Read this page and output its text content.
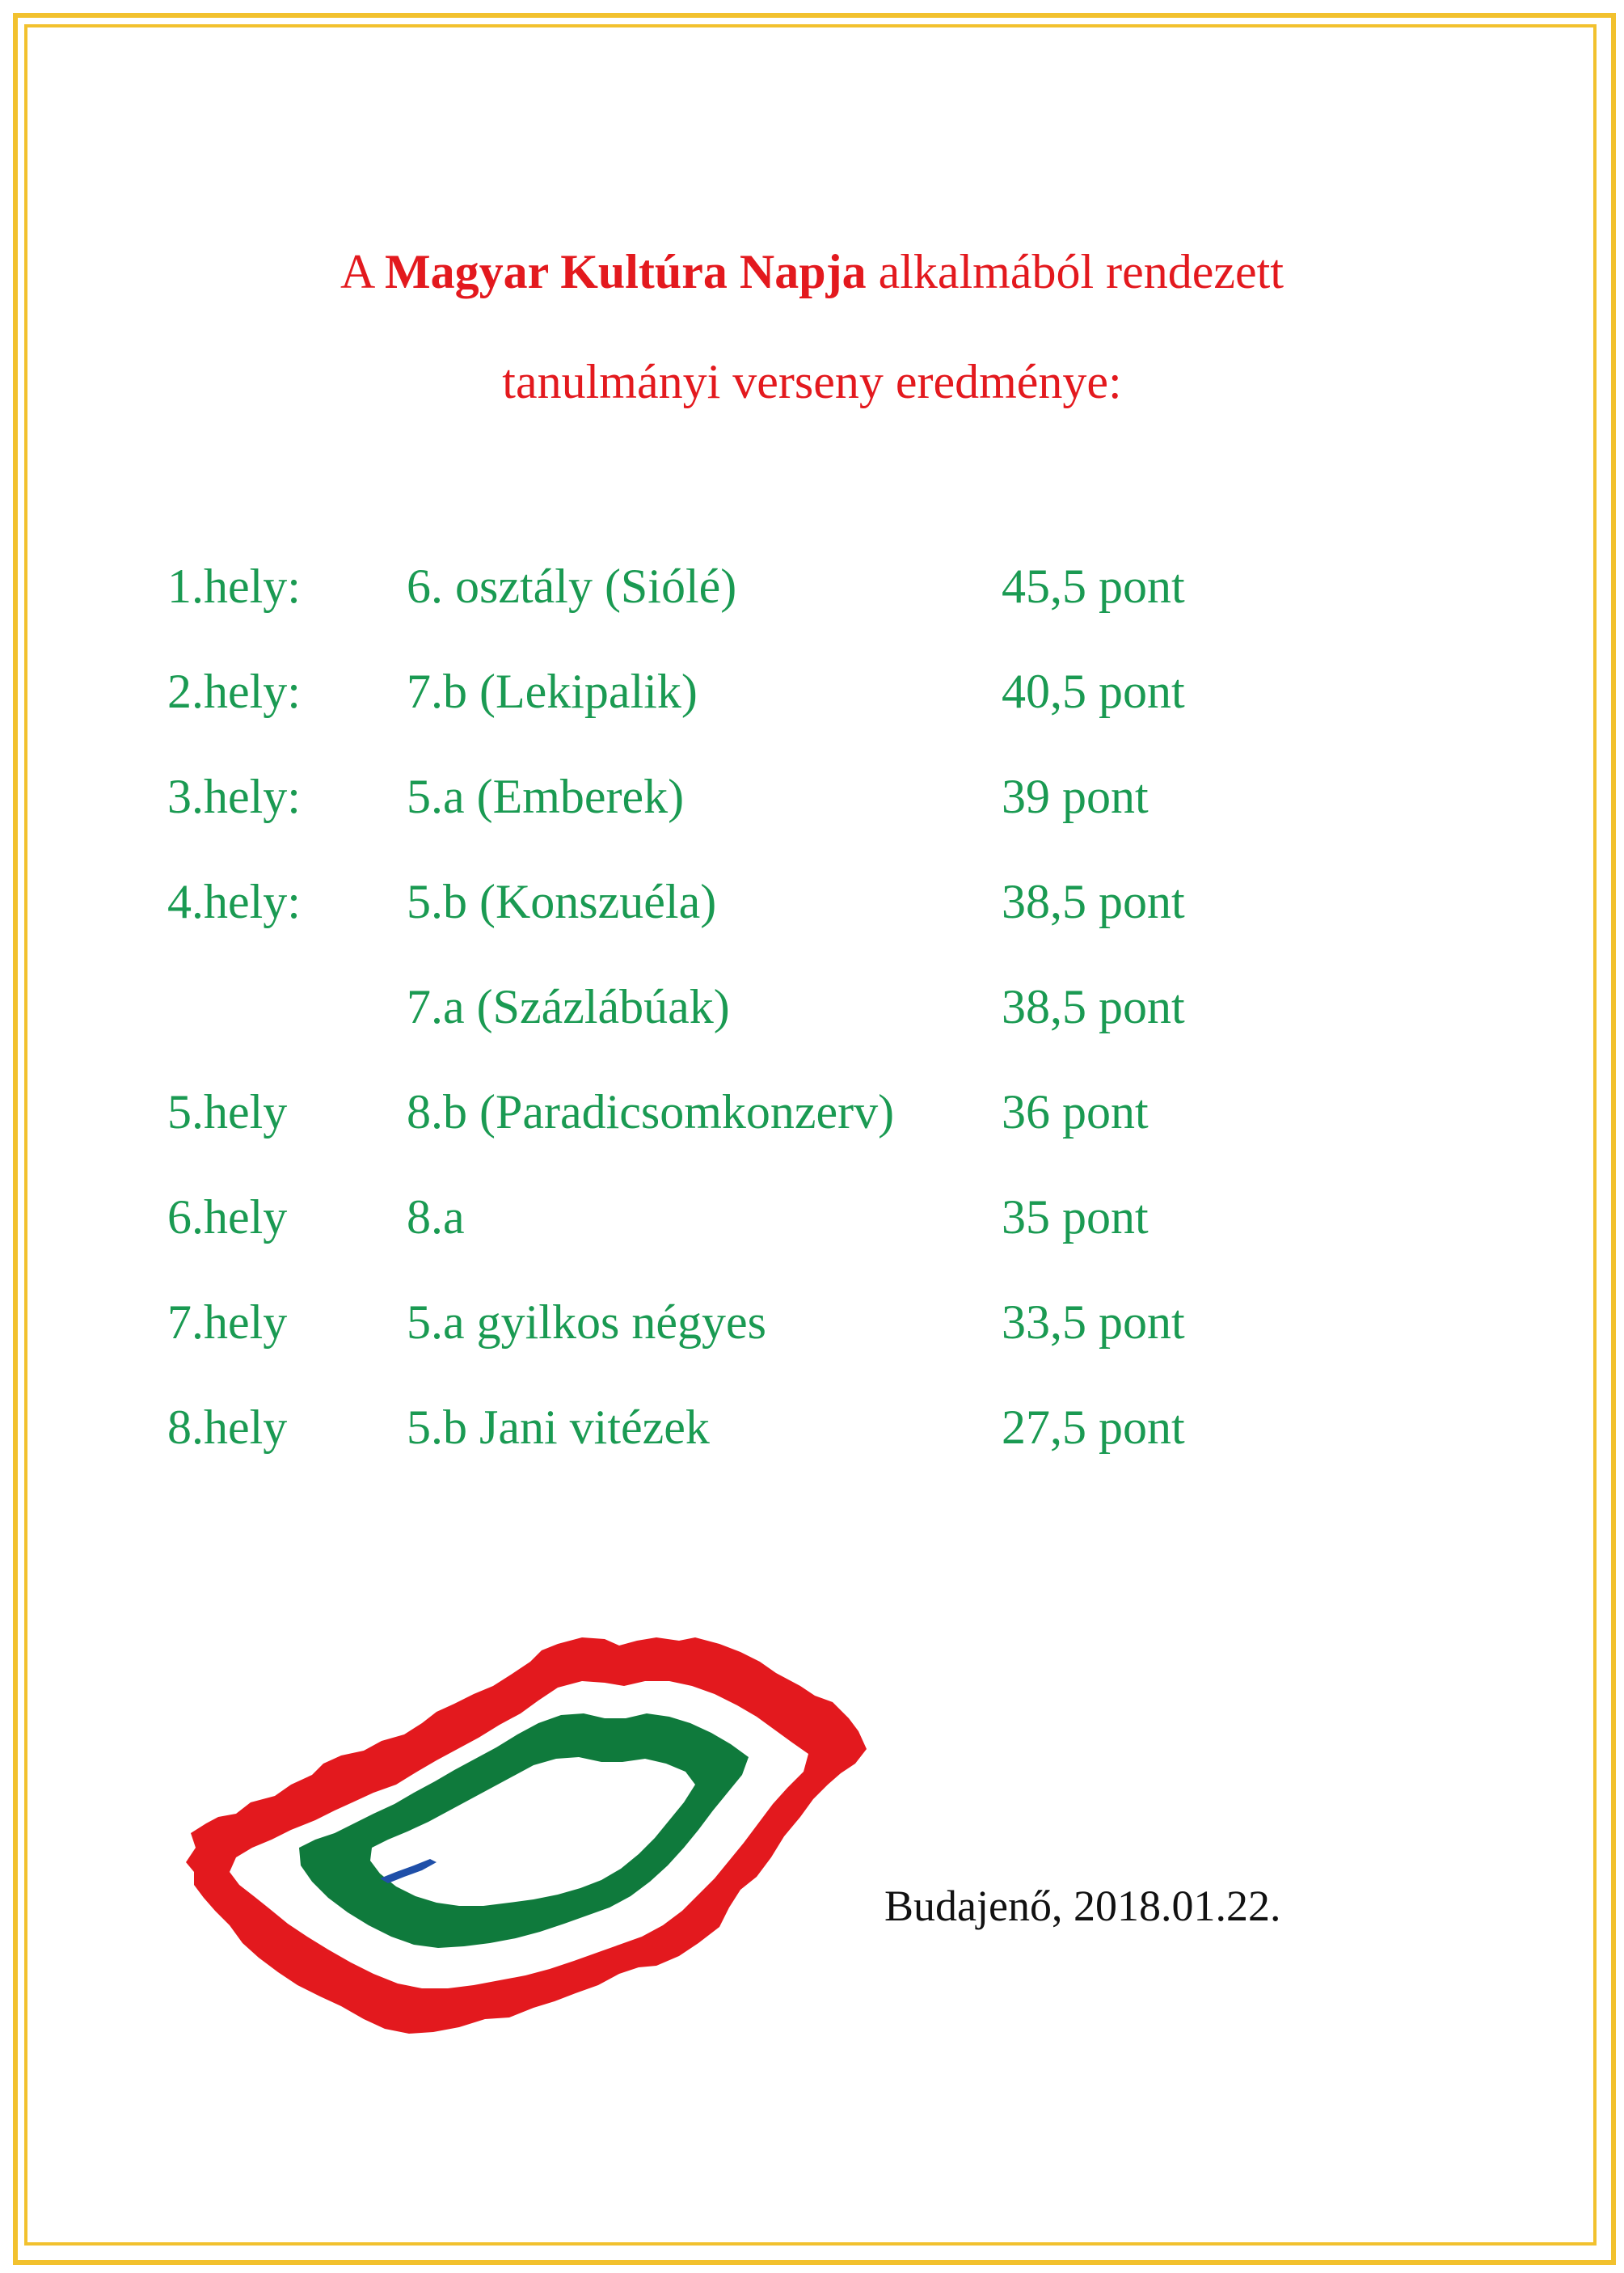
A Magyar Kultúra Napja alkalmából rendezett
tanulmányi verseny eredménye:
1.hely: 6. osztály (Siólé)	45,5 pont
2.hely: 7.b (Lekipalik)	40,5 pont
3.hely: 5.a (Emberek)	39 pont
4.hely: 5.b (Konszuéla)	38,5 pont
7.a (Százlábúak)	38,5 pont
5.hely 8.b (Paradicsomkonzerv) 36 pont
6.hely 8.a	35 pont
7.hely 5.a gyilkos négyes	33,5 pont
8.hely 5.b Jani vitézek	27,5 pont
Budajenő, 2018.01.22.
